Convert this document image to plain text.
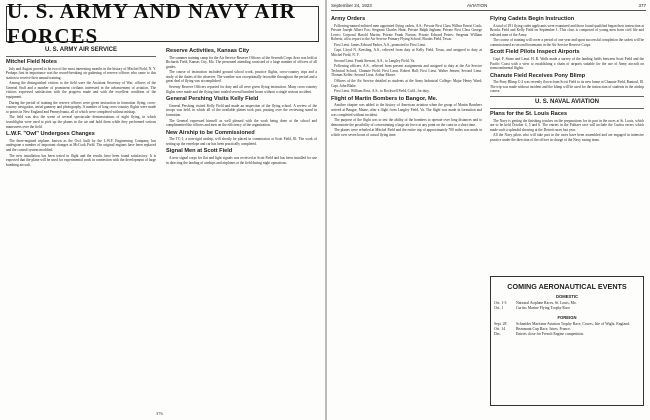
U. S. ARMY AND NAVY AIR FORCES
U. S. ARMY AIR SERVICE
Mitchel Field Notes

July and August proved to be two of the most interesting months in the history of Mitchel Field, N. Y. Perhaps first in importance was the record-breaking air gathering of reserve officers who came to this station to receive their annual training.

Among the distinguished visitors to the field were the Assistant Secretary of War, officers of the General Staff and a number of prominent civilians interested in the advancement of aviation. The visitors expressed satisfaction with the progress made and with the excellent condition of the equipment.

During the period of training the reserve officers were given instruction in formation flying, cross-country navigation, aerial gunnery and photography. A number of long cross-country flights were made to points in New England and Pennsylvania, all of which were completed without mishap.

The field was also the scene of several spectacular demonstrations of night flying, in which searchlights were used to pick up the planes in the air and hold them while they performed various maneuvers over the field.

L.W.F. "Owl" Undergoes Changes

The three-engined triplane, known as the Owl, built by the L.W.F. Engineering Company, has undergone a number of important changes at McCook Field. The original engines have been replaced and the control system modified.

The new installation has been tested in flight and the results have been found satisfactory. It is expected that the plane will be used for experimental work in connection with the development of large bombing aircraft.

Reserve Activities, Kansas City

The summer training camp for the Air Service Reserve Officers of the Seventh Corps Area was held at Richards Field, Kansas City, Mo. The personnel attending consisted of a large number of officers of all grades.

The course of instruction included ground school work, practice flights, cross-country trips and a study of the duties of the observer. The weather was exceptionally favorable throughout the period and a great deal of flying was accomplished.

Seventy Reserve Officers reported for duty and all were given flying instruction. Many cross-country flights were made and the flying time totaled several hundred hours without a single serious accident.

General Pershing Visits Kelly Field

General Pershing visited Kelly Field and made an inspection of the flying school. A review of the troops was held, in which all of the available planes took part, passing over the reviewing stand in formation.

The General expressed himself as well pleased with the work being done at the school and complimented the officers and men on the efficiency of the organization.

New Airship to be Commissioned

The TC-1, a non-rigid airship, will shortly be placed in commission at Scott Field, Ill. The work of setting up the envelope and car has been practically completed.

Signal Men at Scott Field

A new signal corps for flat and light signals was received at Scott Field and has been installed for use in directing the landing of airships and airplanes at the field during night operations.

376
September 24, 1923	AVIATION	377
Army Orders

Following-named enlisted men appointed flying cadets, A.S.: Private First Class Wilbur Ernest Cook; Private Joseph Albert Fox; Sergeant Charles Hunt; Private Ralph Ingham; Private First Class George Lewis; Corporal Harold Martin; Private Frank Norton; Private Edward Peters; Sergeant William Roberts, all to report to the Air Service Primary Flying School, Brooks Field, Texas.

First Lieut. James Edward Parker, A.S., promoted to First Lieut.

Capt. Lloyd N. Keesling, A.S., relieved from duty at Kelly Field, Texas, and assigned to duty at Mitchel Field, N. Y.

Second Lieut. Frank Stewart, A.S., to Langley Field, Va.

Following officers, A.S., relieved from present assignments and assigned to duty at the Air Service Technical School, Chanute Field: First Lieut. Robert Hall; First Lieut. Walter Jensen; Second Lieut. Thomas Keller; Second Lieut. Arthur Moore.

Officers of the Air Service detailed as students at the Army Industrial College: Major Henry Ward; Capt. John Blake.

First Lieut. William Ross, A.S., to Rockwell Field, Calif., for duty.

Flight of Martin Bombers to Bangor, Me.

Another chapter was added to the history of American aviation when the group of Martin Bombers arrived at Bangor, Maine, after a flight from Langley Field, Va. The flight was made in formation and was completed without incident.

The purpose of the flight was to test the ability of the bombers to operate over long distances and to demonstrate the possibility of concentrating a large air force at any point on the coast in a short time.

The planes were refueled at Mitchel Field and the entire trip of approximately 700 miles was made in a little over seven hours of actual flying time.

Flying Cadets Begin Instruction

A total of 291 flying cadet applicants were examined and those found qualified began their instruction at Brooks Field and Kelly Field on September 1. This class is composed of young men from civil life and enlisted men of the Army.

The course of training will cover a period of one year and upon successful completion the cadets will be commissioned as second lieutenants in the Air Service Reserve Corps.

Scott Field Pilots Inspect Airports

Capt. F. Stone and Lieut. H. B. Walls made a survey of the landing fields between Scott Field and the Pacific Coast with a view to establishing a chain of airports suitable for the use of Army aircraft on transcontinental flights.

Chanute Field Receives Pony Blimp

The Pony Blimp C-2 was recently flown from Scott Field to its new home at Chanute Field, Rantoul, Ill. The trip was made without incident and the blimp will be used for the instruction of students in the airship course.

U. S. NAVAL AVIATION
Plans for the St. Louis Races

The Navy is getting the finishing touches on the preparations for its part in the races at St. Louis, which are to be held October 4, 5 and 6. The entries in the Pulitzer race will include the Curtiss racers which made such a splendid showing at the Detroit races last year.

All the Navy pilots who will take part in the races have been assembled and are engaged in intensive practice under the direction of the officer in charge of the Navy racing team.

COMING AERONAUTICAL EVENTS
DOMESTIC
Oct. 1-3	National Airplane Races, St. Louis, Mo.
Oct. 1	Curtiss Marine Flying Trophy Race
FOREIGN
Sept. 28	Schneider Maritime Aviation Trophy Race, Cowes, Isle of Wight, England.
Oct. 14	Beaumont Cup Race, Istres, France.
Dec.	Entries close for French Engine competition.
